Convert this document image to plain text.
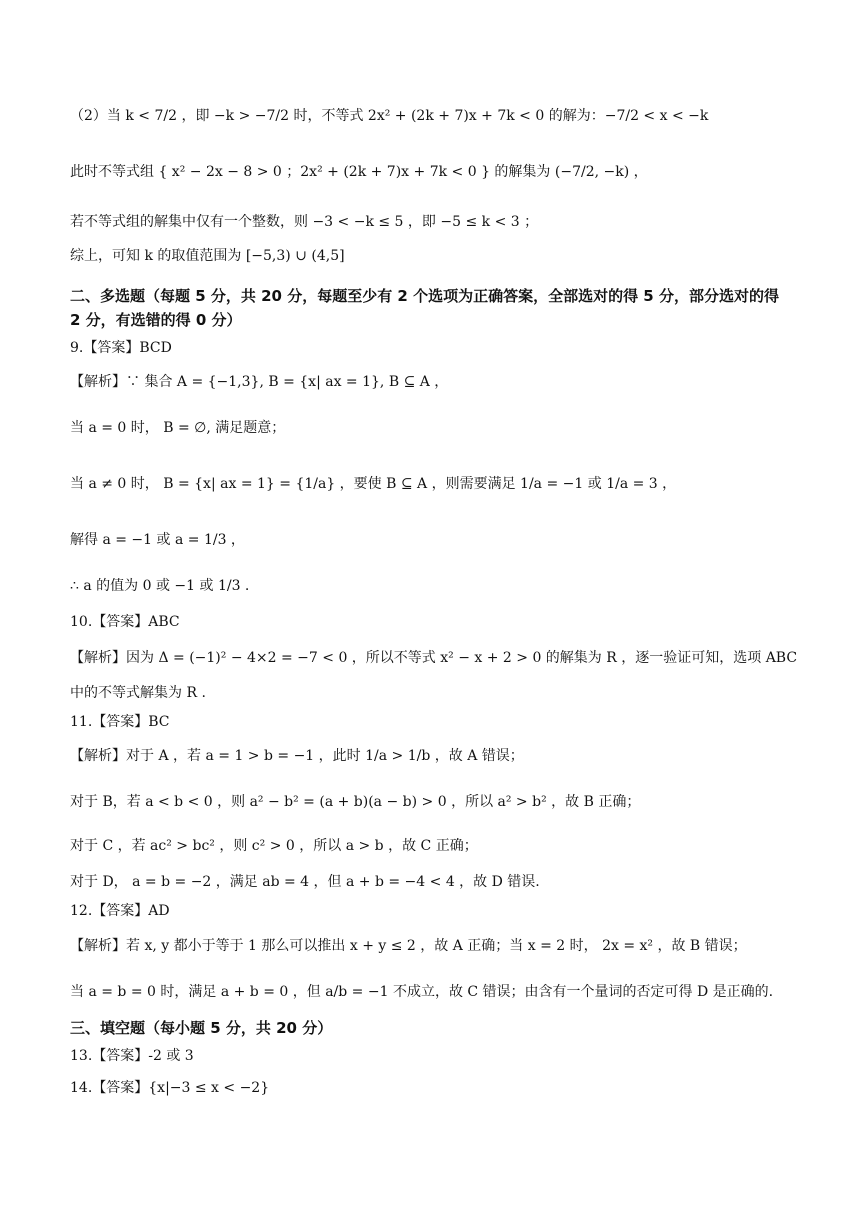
（2）当 k < 7/2 ，即 −k > −7/2 时，不等式 2x² + (2k + 7)x + 7k < 0 的解为：−7/2 < x < −k
此时不等式组 { x² − 2x − 8 > 0 ；2x² + (2k + 7)x + 7k < 0 } 的解集为 (−7/2, −k) ，
若不等式组的解集中仅有一个整数，则 −3 < −k ≤ 5 ，即 −5 ≤ k < 3 ；
综上，可知 k 的取值范围为 [−5,3) ∪ (4,5]
二、多选题（每题 5 分，共 20 分，每题至少有 2 个选项为正确答案，全部选对的得 5 分，部分选对的得 2 分，有选错的得 0 分）
9.【答案】BCD
【解析】∵ 集合 A = {−1,3}, B = {x| ax = 1}, B ⊆ A ，
当 a = 0 时， B = ∅, 满足题意；
当 a ≠ 0 时， B = {x| ax = 1} = {1/a} ，要使 B ⊆ A ，则需要满足 1/a = −1 或 1/a = 3 ，
解得 a = −1 或 a = 1/3 ，
∴ a 的值为 0 或 −1 或 1/3 .
10.【答案】ABC
【解析】因为 Δ = (−1)² − 4×2 = −7 < 0 ，所以不等式 x² − x + 2 > 0 的解集为 R ，逐一验证可知，选项 ABC
中的不等式解集为 R .
11.【答案】BC
【解析】对于 A ，若 a = 1 > b = −1 ，此时 1/a > 1/b ，故 A 错误；
对于 B，若 a < b < 0 ，则 a² − b² = (a + b)(a − b) > 0 ，所以 a² > b² ，故 B 正确；
对于 C ，若 ac² > bc² ，则 c² > 0 ，所以 a > b ，故 C 正确；
对于 D， a = b = −2 ，满足 ab = 4 ，但 a + b = −4 < 4 ，故 D 错误.
12.【答案】AD
【解析】若 x, y 都小于等于 1 那么可以推出 x + y ≤ 2 ，故 A 正确；当 x = 2 时， 2x = x² ，故 B 错误；
当 a = b = 0 时，满足 a + b = 0 ，但 a/b = −1 不成立，故 C 错误；由含有一个量词的否定可得 D 是正确的.
三、填空题（每小题 5 分，共 20 分）
13.【答案】-2 或 3
14.【答案】{x|−3 ≤ x < −2}
